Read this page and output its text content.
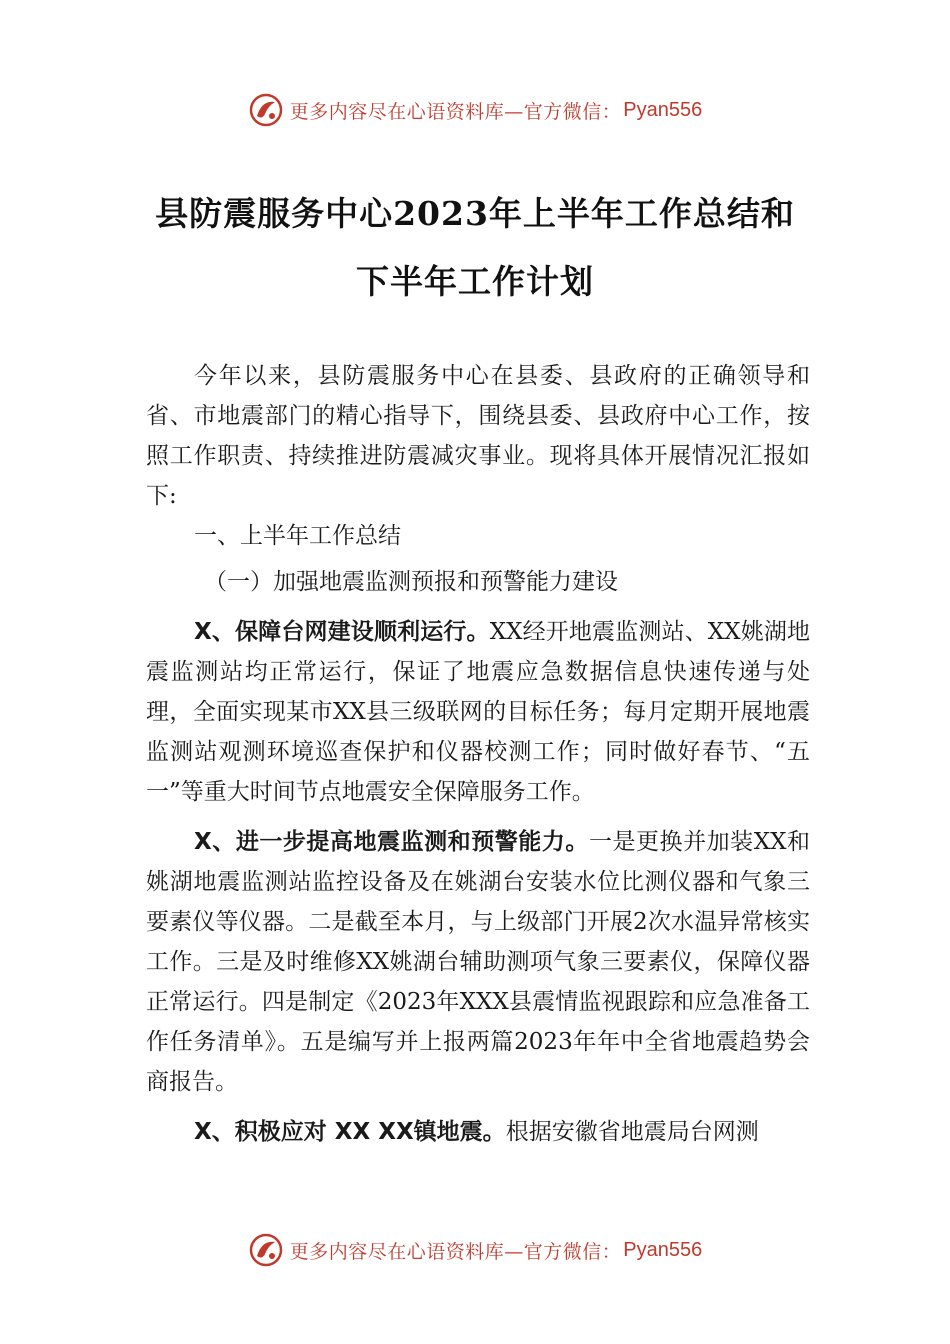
更多内容尽在心语资料库—官方微信： Pyan556
县防震服务中心2023年上半年工作总结和
下半年工作计划

今年以来，县防震服务中心在县委、县政府的正确领导和省、市地震部门的精心指导下，围绕县委、县政府中心工作，按照工作职责、持续推进防震减灾事业。现将具体开展情况汇报如下:

一、上半年工作总结

（一）加强地震监测预报和预警能力建设

X、保障台网建设顺利运行。XX经开地震监测站、XX姚湖地震监测站均正常运行，保证了地震应急数据信息快速传递与处理，全面实现某市XX县三级联网的目标任务；每月定期开展地震监测站观测环境巡查保护和仪器校测工作；同时做好春节、“五一”等重大时间节点地震安全保障服务工作。

X、进一步提高地震监测和预警能力。一是更换并加装XX和姚湖地震监测站监控设备及在姚湖台安装水位比测仪器和气象三要素仪等仪器。二是截至本月，与上级部门开展2次水温异常核实工作。三是及时维修XX姚湖台辅助测项气象三要素仪，保障仪器正常运行。四是制定《2023年XXX县震情监视跟踪和应急准备工作任务清单》。五是编写并上报两篇2023年年中全省地震趋势会商报告。

X、积极应对 XX XX镇地震。根据安徽省地震局台网测

更多内容尽在心语资料库—官方微信： Pyan556
